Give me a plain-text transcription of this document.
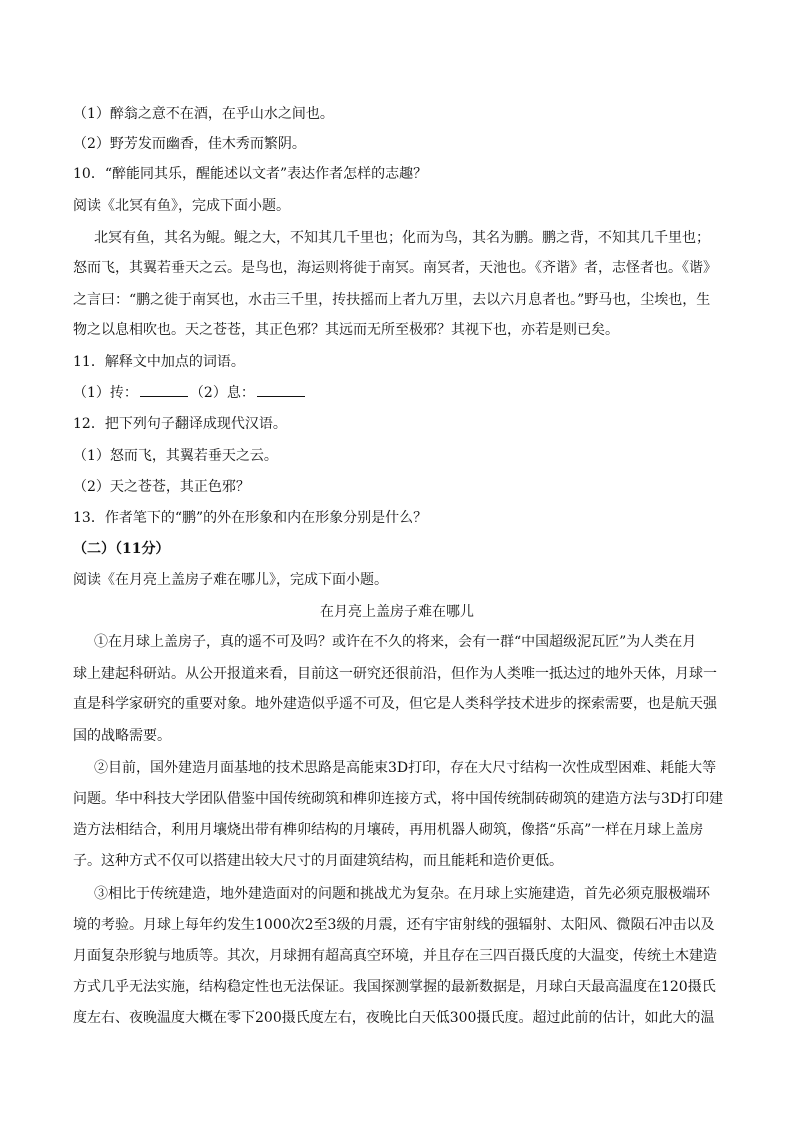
（1）醉翁之意不在酒，在乎山水之间也。
（2）野芳发而幽香，佳木秀而繁阴。
10．“醉能同其乐，醒能述以文者”表达作者怎样的志趣？
阅读《北冥有鱼》，完成下面小题。
北冥有鱼，其名为鲲。鲲之大，不知其几千里也；化而为鸟，其名为鹏。鹏之背，不知其几千里也；
怒而飞，其翼若垂天之云。是鸟也，海运则将徙于南冥。南冥者，天池也。《齐谐》者，志怪者也。《谐》
之言曰：“鹏之徙于南冥也，水击三千里，抟扶摇而上者九万里，去以六月息者也。”野马也，尘埃也，生
物之以息相吹也。天之苍苍，其正色邪？其远而无所至极邪？其视下也，亦若是则已矣。
11．解释文中加点的词语。
（1）抟：	（2）息：
12．把下列句子翻译成现代汉语。
（1）怒而飞，其翼若垂天之云。
（2）天之苍苍，其正色邪？
13．作者笔下的“鹏”的外在形象和内在形象分别是什么？
（二）（11分）
阅读《在月亮上盖房子难在哪儿》，完成下面小题。
在月亮上盖房子难在哪儿
①在月球上盖房子，真的遥不可及吗？或许在不久的将来，会有一群“中国超级泥瓦匠”为人类在月
球上建起科研站。从公开报道来看，目前这一研究还很前沿，但作为人类唯一抵达过的地外天体，月球一
直是科学家研究的重要对象。地外建造似乎遥不可及，但它是人类科学技术进步的探索需要，也是航天强
国的战略需要。
②目前，国外建造月面基地的技术思路是高能束3D打印，存在大尺寸结构一次性成型困难、耗能大等
问题。华中科技大学团队借鉴中国传统砌筑和榫卯连接方式，将中国传统制砖砌筑的建造方法与3D打印建
造方法相结合，利用月壤烧出带有榫卯结构的月壤砖，再用机器人砌筑，像搭“乐高”一样在月球上盖房
子。这种方式不仅可以搭建出较大尺寸的月面建筑结构，而且能耗和造价更低。
③相比于传统建造，地外建造面对的问题和挑战尤为复杂。在月球上实施建造，首先必须克服极端环
境的考验。月球上每年约发生1000次2至3级的月震，还有宇宙射线的强辐射、太阳风、微陨石冲击以及
月面复杂形貌与地质等。其次，月球拥有超高真空环境，并且存在三四百摄氏度的大温变，传统土木建造
方式几乎无法实施，结构稳定性也无法保证。我国探测掌握的最新数据是，月球白天最高温度在120摄氏
度左右、夜晚温度大概在零下200摄氏度左右，夜晚比白天低300摄氏度。超过此前的估计，如此大的温
